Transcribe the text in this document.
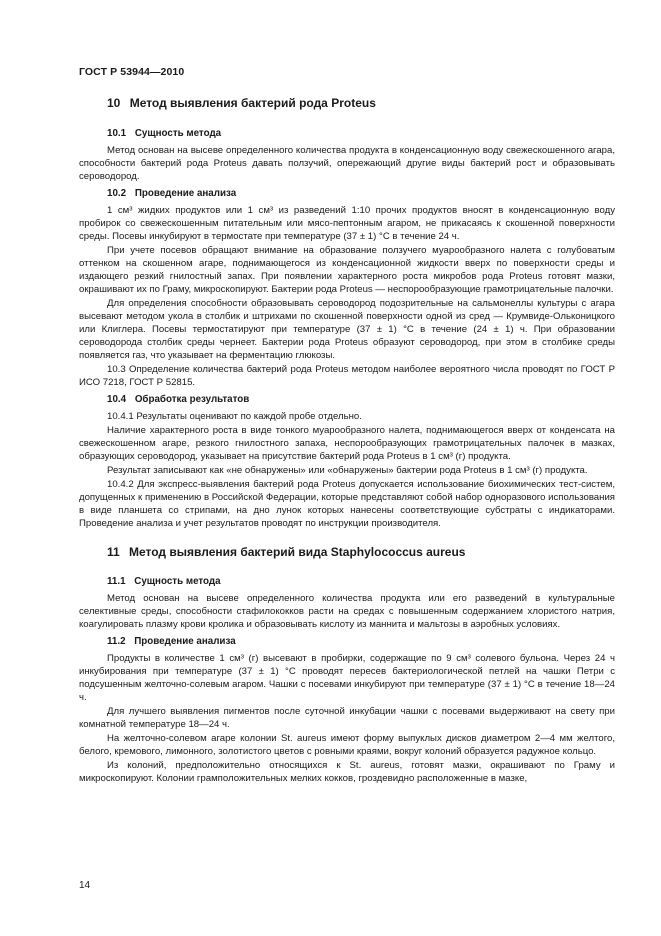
ГОСТ Р 53944—2010
10 Метод выявления бактерий рода Proteus
10.1 Сущность метода

Метод основан на высеве определенного количества продукта в конденсационную воду свежескошенного агара, способности бактерий рода Proteus давать ползучий, опережающий другие виды бактерий рост и образовывать сероводород.

10.2 Проведение анализа

1 см³ жидких продуктов или 1 см³ из разведений 1:10 прочих продуктов вносят в конденсационную воду пробирок со свежескошенным питательным или мясо-пептонным агаром, не прикасаясь к скошенной поверхности среды. Посевы инкубируют в термостате при температуре (37 ± 1) °С в течение 24 ч.

При учете посевов обращают внимание на образование ползучего муарообразного налета с голубоватым оттенком на скошенном агаре, поднимающегося из конденсационной жидкости вверх по поверхности среды и издающего резкий гнилостный запах. При появлении характерного роста микробов рода Proteus готовят мазки, окрашивают их по Граму, микроскопируют. Бактерии рода Proteus — неспорообразующие грамотрицательные палочки.

Для определения способности образовывать сероводород подозрительные на сальмонеллы культуры с агара высевают методом укола в столбик и штрихами по скошенной поверхности одной из сред — Крумвиде-Ольконицкого или Клиглера. Посевы термостатируют при температуре (37 ± 1) °С в течение (24 ± 1) ч. При образовании сероводорода столбик среды чернеет. Бактерии рода Proteus образуют сероводород, при этом в столбике среды появляется газ, что указывает на ферментацию глюкозы.

10.3 Определение количества бактерий рода Proteus методом наиболее вероятного числа проводят по ГОСТ Р ИСО 7218, ГОСТ Р 52815.

10.4 Обработка результатов

10.4.1 Результаты оценивают по каждой пробе отдельно.

Наличие характерного роста в виде тонкого муарообразного налета, поднимающегося вверх от конденсата на свежескошенном агаре, резкого гнилостного запаха, неспорообразующих грамотрицательных палочек в мазках, образующих сероводород, указывает на присутствие бактерий рода Proteus в 1 см³ (г) продукта.

Результат записывают как «не обнаружены» или «обнаружены» бактерии рода Proteus в 1 см³ (г) продукта.

10.4.2 Для экспресс-выявления бактерий рода Proteus допускается использование биохимических тест-систем, допущенных к применению в Российской Федерации, которые представляют собой набор одноразового использования в виде планшета со стрипами, на дно лунок которых нанесены соответствующие субстраты с индикаторами. Проведение анализа и учет результатов проводят по инструкции производителя.

11 Метод выявления бактерий вида Staphylococcus aureus
11.1 Сущность метода

Метод основан на высеве определенного количества продукта или его разведений в культуральные селективные среды, способности стафилококков расти на средах с повышенным содержанием хлористого натрия, коагулировать плазму крови кролика и образовывать кислоту из маннита и мальтозы в аэробных условиях.

11.2 Проведение анализа

Продукты в количестве 1 см³ (г) высевают в пробирки, содержащие по 9 см³ солевого бульона. Через 24 ч инкубирования при температуре (37 ± 1) °С проводят пересев бактериологической петлей на чашки Петри с подсушенным желточно-солевым агаром. Чашки с посевами инкубируют при температуре (37 ± 1) °С в течение 18—24 ч.

Для лучшего выявления пигментов после суточной инкубации чашки с посевами выдерживают на свету при комнатной температуре 18—24 ч.

На желточно-солевом агаре колонии St. aureus имеют форму выпуклых дисков диаметром 2—4 мм желтого, белого, кремового, лимонного, золотистого цветов с ровными краями, вокруг колоний образуется радужное кольцо.

Из колоний, предположительно относящихся к St. aureus, готовят мазки, окрашивают по Граму и микроскопируют. Колонии грамположительных мелких кокков, гроздевидно расположенные в мазке,

14
